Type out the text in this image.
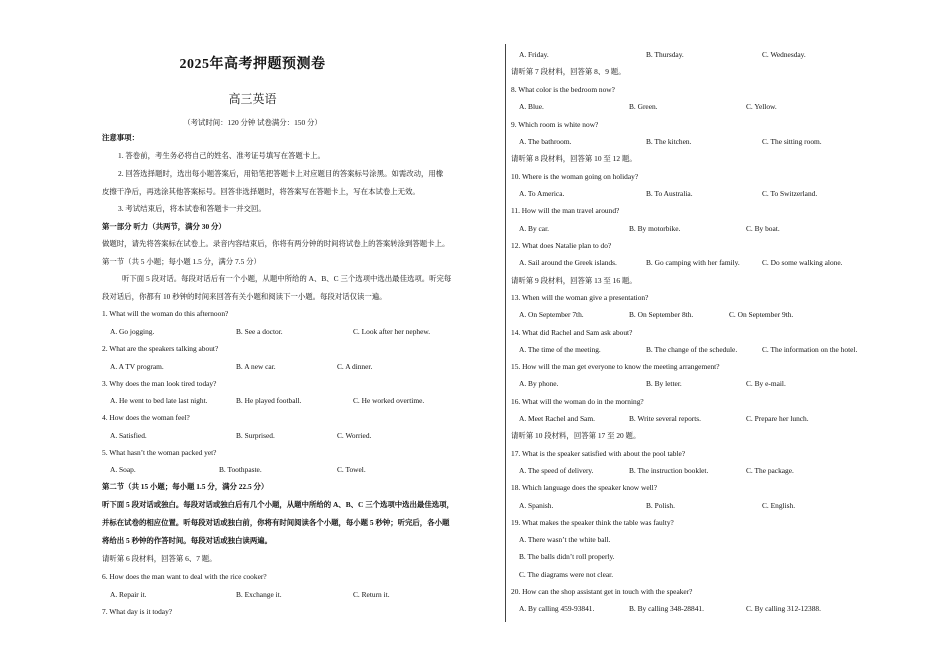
2025年高考押题预测卷
高三英语
（考试时间：120 分钟 试卷满分：150 分）
注意事项：
1. 答卷前，考生务必将自己的姓名、准考证号填写在答题卡上。
2. 回答选择题时，选出每小题答案后，用铅笔把答题卡上对应题目的答案标号涂黑。如需改动，用橡
皮擦干净后，再选涂其他答案标号。回答非选择题时，将答案写在答题卡上，写在本试卷上无效。
3. 考试结束后，将本试卷和答题卡一并交回。
第一部分 听力（共两节，满分 30 分）
做题时，请先将答案标在试卷上。录音内容结束后，你将有两分钟的时间将试卷上的答案转涂到答题卡上。
第一节（共 5 小题；每小题 1.5 分，满分 7.5 分）
听下面 5 段对话。每段对话后有一个小题，从题中所给的 A、B、C 三个选项中选出最佳选项。听完每
段对话后，你都有 10 秒钟的时间来回答有关小题和阅读下一小题。每段对话仅读一遍。
1. What will the woman do this afternoon?
A. Go jogging.	B. See a doctor.	C. Look after her nephew.
2. What are the speakers talking about?
A. A TV program.	B. A new car.	C. A dinner.
3. Why does the man look tired today?
A. He went to bed late last night.	B. He played football.	C. He worked overtime.
4. How does the woman feel?
A. Satisfied.	B. Surprised.	C. Worried.
5. What hasn’t the woman packed yet?
A. Soap.	B. Toothpaste.	C. Towel.
第二节（共 15 小题；每小题 1.5 分，满分 22.5 分）
听下面 5 段对话或独白。每段对话或独白后有几个小题，从题中所给的 A、B、C 三个选项中选出最佳选项，
并标在试卷的相应位置。听每段对话或独白前，你将有时间阅读各个小题，每小题 5 秒钟；听完后，各小题
将给出 5 秒钟的作答时间。每段对话或独白读两遍。
请听第 6 段材料，回答第 6、7 题。
6. How does the man want to deal with the rice cooker?
A. Repair it.	B. Exchange it.	C. Return it.
7. What day is it today?
A. Friday.	B. Thursday.	C. Wednesday.
请听第 7 段材料，回答第 8、9 题。
8. What color is the bedroom now?
A. Blue.	B. Green.	C. Yellow.
9. Which room is white now?
A. The bathroom.	B. The kitchen.	C. The sitting room.
请听第 8 段材料，回答第 10 至 12 题。
10. Where is the woman going on holiday?
A. To America.	B. To Australia.	C. To Switzerland.
11. How will the man travel around?
A. By car.	B. By motorbike.	C. By boat.
12. What does Natalie plan to do?
A. Sail around the Greek islands.	B. Go camping with her family.	C. Do some walking alone.
请听第 9 段材料，回答第 13 至 16 题。
13. When will the woman give a presentation?
A. On September 7th.	B. On September 8th.	C. On September 9th.
14. What did Rachel and Sam ask about?
A. The time of the meeting.	B. The change of the schedule.	C. The information on the hotel.
15. How will the man get everyone to know the meeting arrangement?
A. By phone.	B. By letter.	C. By e-mail.
16. What will the woman do in the morning?
A. Meet Rachel and Sam.	B. Write several reports.	C. Prepare her lunch.
请听第 10 段材料，回答第 17 至 20 题。
17. What is the speaker satisfied with about the pool table?
A. The speed of delivery.	B. The instruction booklet.	C. The package.
18. Which language does the speaker know well?
A. Spanish.	B. Polish.	C. English.
19. What makes the speaker think the table was faulty?
A. There wasn’t the white ball.
B. The balls didn’t roll properly.
C. The diagrams were not clear.
20. How can the shop assistant get in touch with the speaker?
A. By calling 459-93841.	B. By calling 348-28841.	C. By calling 312-12388.
